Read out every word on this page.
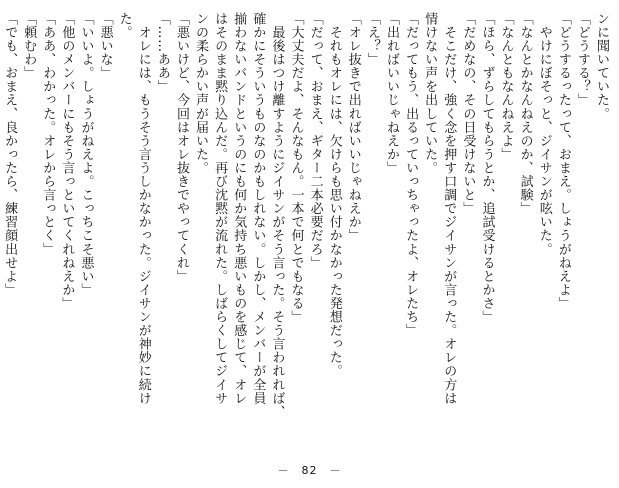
ンに聞いていた。
「どうする？」
「どうするったって、おまえ。しょうがねえよ」
　やけにぼそっと、ジイサンが呟いた。
「なんとかなんねえのか、試験」
「なんともなんねえよ」
「ほら、ずらしてもらうとか、追試受けるとかさ」
「だめなの、その日受けないと」
　そこだけ、強く念を押す口調でジイサンが言った。オレの方は
情けない声を出していた。
「だってもう、出るっていっちゃったよ、オレたち」
「出ればいいじゃねえか」
「え？」
「オレ抜きで出ればいいじゃねえか」
　それもオレには、欠けらも思い付かなかった発想だった。
「だって、おまえ、ギター二本必要だろ」
「大丈夫だよ、そんなもん。一本で何とでもなる」
　最後はつけ離すようにジイサンがそう言った。そう言われれば、
確かにそういうものなのかもしれない。しかし、メンバーが全員
揃わないバンドというのにも何か気持ち悪いものを感じて、オレ
はそのまま黙り込んだ。再び沈黙が流れた。しばらくしてジイサ
ンの柔らかい声が届いた。
「悪いけど、今回はオレ抜きでやってくれ」
「……ああ」
　オレには、もうそう言うしかなかった。ジイサンが神妙に続け
た。
「悪いな」
「いいよ。しょうがねえよ。こっちこそ悪い」
「他のメンバーにもそう言っといてくれねえか」
「ああ、わかった。オレから言っとく」
「頼むわ」
「でも、おまえ、良かったら、練習顔出せよ」
－　82　－
